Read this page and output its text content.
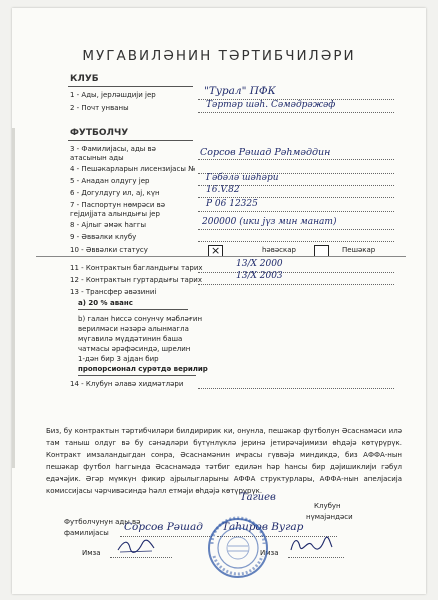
МУГАВИЛӘНИН ТӘРТИБЧИЛӘРИ
КЛУБ
1 - Ады, јерләшдији јер	"Турал" ПФК
2 - Почт унваны	Тәртәр шәһ. Сәмәдрәжәф
ФУТБОЛЧУ
3 - Фамилијасы, ады вә атасынын ады	Сорсов Рәшад Рәһмәддин
4 - Пешәкарларын лисензијасы №
5 - Анадан олдугу јер	Гәбәлә шәһәри
6 - Догулдугу ил, ај, күн	16.V.82
7 - Паспортун нөмрәси вә гејдијјата алындығы јер
Р 06 12325
8 - Ајлыг әмәк һаггы	200000 (ики јүз мин манат)
9 - Әввәлки клубу
10 - Әввәлки статусу	×	һәвәскар	Пешәкар
11 - Контрактын багландығы тарих	13/Х 2000
12 - Контрактын гуртардығы тарих	13/Х 2003
13 - Трансфер әвәзиниi
а) 20 % аванс
b) галан һиссә сонунчу мәбләғин
верилмәси нәзәрә алынмагла
мүгавилә мүддәтинин баша
чатмасы әрәфәсиндә, шрелин
1-дән бир 3 ајдан бир
пропорсионал сурәтдә верилир
14 - Клубун әлавә хидмәтләри
Биз, бу контрактын тәртибчиләри билдиририк ки, онунла, пешәкар футболун Әсаснамәси илә там таныш олдуг вә бу сәнәдләри бүтүнлүклә јеринә јетирәчәјимизи өһдәјә көтүрүрүк. Контракт имзаландыгдан сонра, Әсаснамәнин иҹрасы гүввәјә миндикдә, биз АФФА-нын пешәкар футбол һаггында Әсаснамәдә тәтбиг едилән һәр һансы бир дәјишиклији гәбул едәҹәјик. Әгәр мүмкүн фикир ајрылыгларыны АФФА структурлары, АФФА-нын апелјасија комиссијасы чәрчивәсиндә һәлл етмәји өһдәјә көтүрүрүк.
Футболчунун ады вә
фамилијасы Сорсов Рәшад
Тагиев
Клубун
нүмајәндәси
Таһиров Вугар
Имза	Имза
